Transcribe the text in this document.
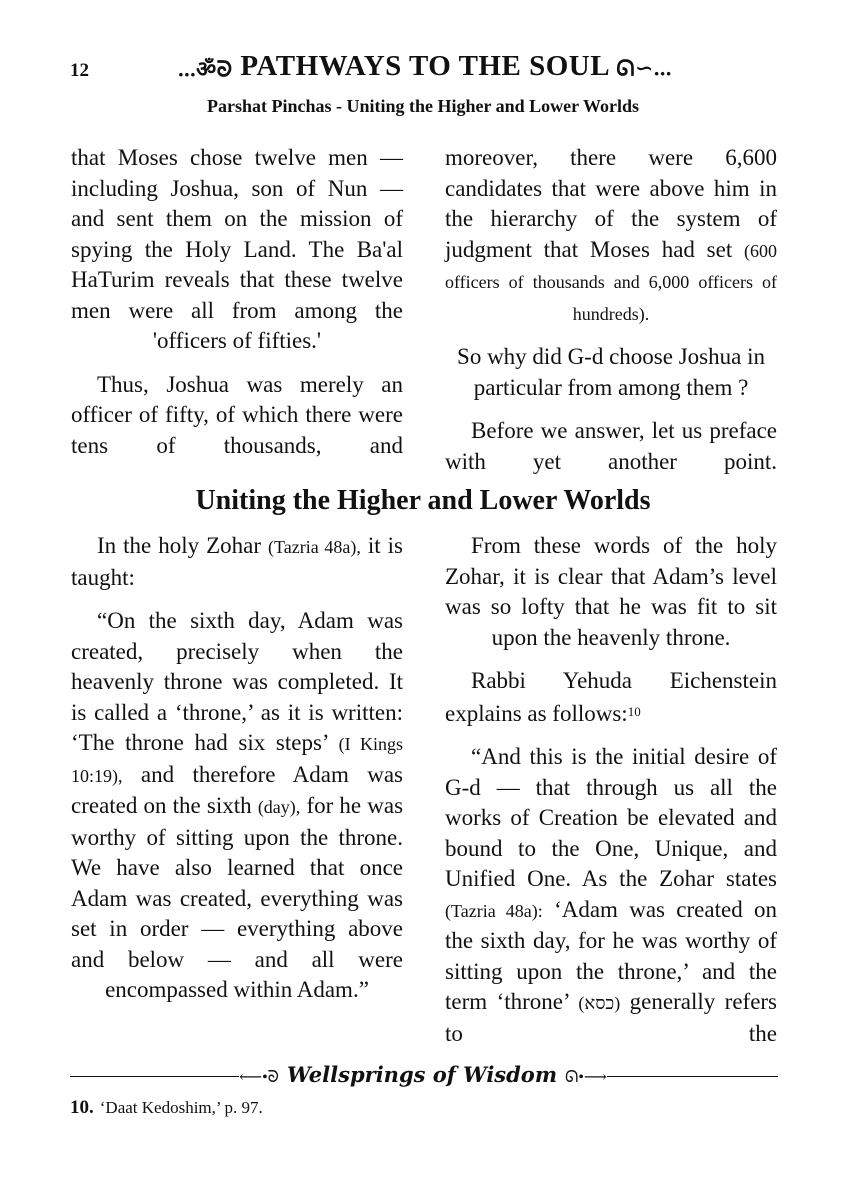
12	...ॐᘐ PATHWAYS TO THE SOUL ᘏ∽...
Parshat Pinchas - Uniting the Higher and Lower Worlds

that Moses chose twelve men — including Joshua, son of Nun — and sent them on the mission of spying the Holy Land. The Ba'al HaTurim reveals that these twelve men were all from among the 'officers of fifties.'

Thus, Joshua was merely an officer of fifty, of which there were tens of thousands, and

moreover, there were 6,600 candidates that were above him in the hierarchy of the system of judgment that Moses had set (600 officers of thousands and 6,000 officers of hundreds).

So why did G-d choose Joshua in particular from among them ?

Before we answer, let us preface with yet another point.

Uniting the Higher and Lower Worlds

In the holy Zohar (Tazria 48a), it is taught:

“On the sixth day, Adam was created, precisely when the heavenly throne was completed. It is called a ‘throne,’ as it is written: ‘The throne had six steps’ (I Kings 10:19), and therefore Adam was created on the sixth (day), for he was worthy of sitting upon the throne. We have also learned that once Adam was created, everything was set in order — everything above and below — and all were encompassed within Adam.”

From these words of the holy Zohar, it is clear that Adam’s level was so lofty that he was fit to sit upon the heavenly throne.

Rabbi Yehuda Eichenstein explains as follows:$^{10}$

“And this is the initial desire of G-d — that through us all the works of Creation be elevated and bound to the One, Unique, and Unified One. As the Zohar states (Tazria 48a): ‘Adam was created on the sixth day, for he was worthy of sitting upon the throne,’ and the term ‘throne’ (כסא) generally refers to the

⟵•ᘐ Wellsprings of Wisdom ᘏ•⟶
10. ‘Daat Kedoshim,’ p. 97.
